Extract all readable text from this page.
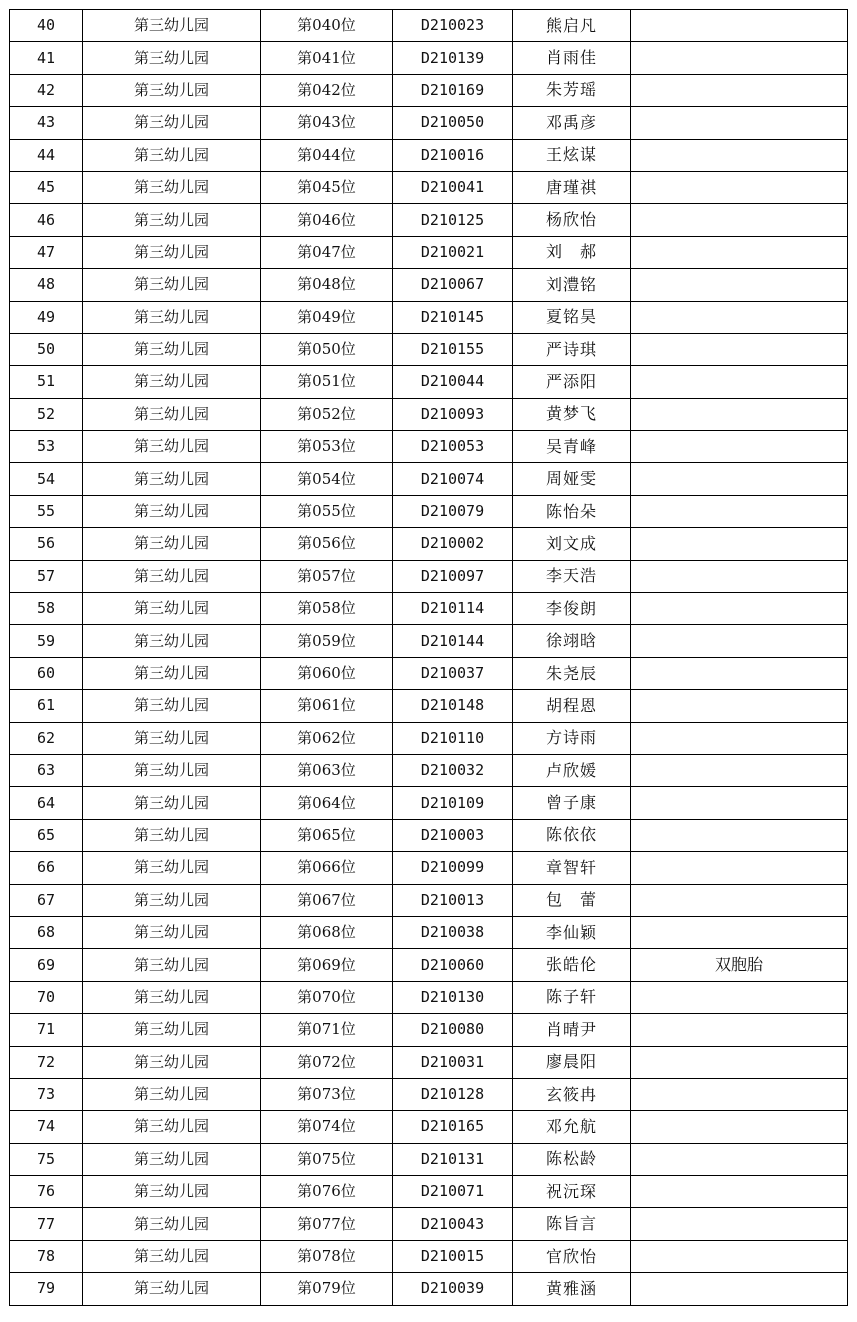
40	第三幼儿园	第040位	D210023	熊启凡	
41	第三幼儿园	第041位	D210139	肖雨佳	
42	第三幼儿园	第042位	D210169	朱芳瑶	
43	第三幼儿园	第043位	D210050	邓禹彦	
44	第三幼儿园	第044位	D210016	王炫谋	
45	第三幼儿园	第045位	D210041	唐瑾祺	
46	第三幼儿园	第046位	D210125	杨欣怡	
47	第三幼儿园	第047位	D210021	刘　郝	
48	第三幼儿园	第048位	D210067	刘澧铭	
49	第三幼儿园	第049位	D210145	夏铭昊	
50	第三幼儿园	第050位	D210155	严诗琪	
51	第三幼儿园	第051位	D210044	严添阳	
52	第三幼儿园	第052位	D210093	黄梦飞	
53	第三幼儿园	第053位	D210053	吴青峰	
54	第三幼儿园	第054位	D210074	周娅雯	
55	第三幼儿园	第055位	D210079	陈怡朵	
56	第三幼儿园	第056位	D210002	刘文成	
57	第三幼儿园	第057位	D210097	李天浩	
58	第三幼儿园	第058位	D210114	李俊朗	
59	第三幼儿园	第059位	D210144	徐翊晗	
60	第三幼儿园	第060位	D210037	朱尧辰	
61	第三幼儿园	第061位	D210148	胡程恩	
62	第三幼儿园	第062位	D210110	方诗雨	
63	第三幼儿园	第063位	D210032	卢欣媛	
64	第三幼儿园	第064位	D210109	曾子康	
65	第三幼儿园	第065位	D210003	陈依依	
66	第三幼儿园	第066位	D210099	章智轩	
67	第三幼儿园	第067位	D210013	包　蕾	
68	第三幼儿园	第068位	D210038	李仙颖	
69	第三幼儿园	第069位	D210060	张皓伦	双胞胎
70	第三幼儿园	第070位	D210130	陈子轩	
71	第三幼儿园	第071位	D210080	肖晴尹	
72	第三幼儿园	第072位	D210031	廖晨阳	
73	第三幼儿园	第073位	D210128	玄筱冉	
74	第三幼儿园	第074位	D210165	邓允航	
75	第三幼儿园	第075位	D210131	陈松龄	
76	第三幼儿园	第076位	D210071	祝沅琛	
77	第三幼儿园	第077位	D210043	陈旨言	
78	第三幼儿园	第078位	D210015	官欣怡	
79	第三幼儿园	第079位	D210039	黄雅涵	
